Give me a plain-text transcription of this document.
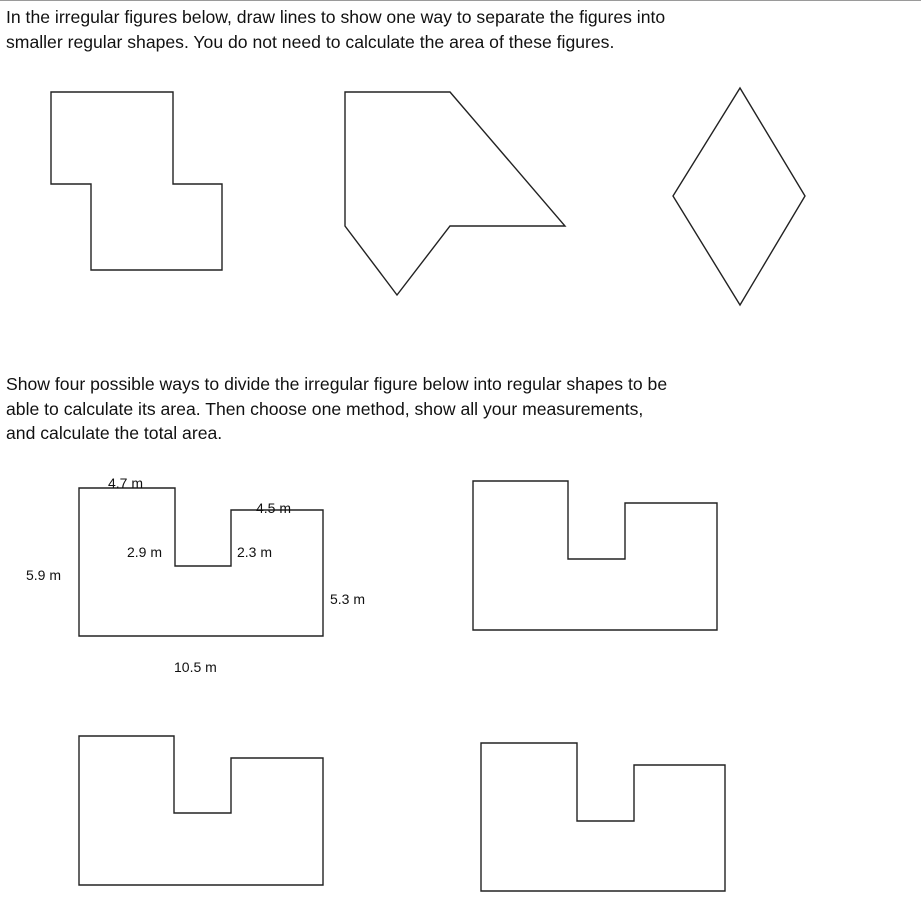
In the irregular figures below, draw lines to show one way to separate the figures into
smaller regular shapes. You do not need to calculate the area of these figures.
Show four possible ways to divide the irregular figure below into regular shapes to be
able to calculate its area. Then choose one method, show all your measurements,
and calculate the total area.
4.7 m
4.5 m
2.9 m	2.3 m
5.9 m
5.3 m
10.5 m
